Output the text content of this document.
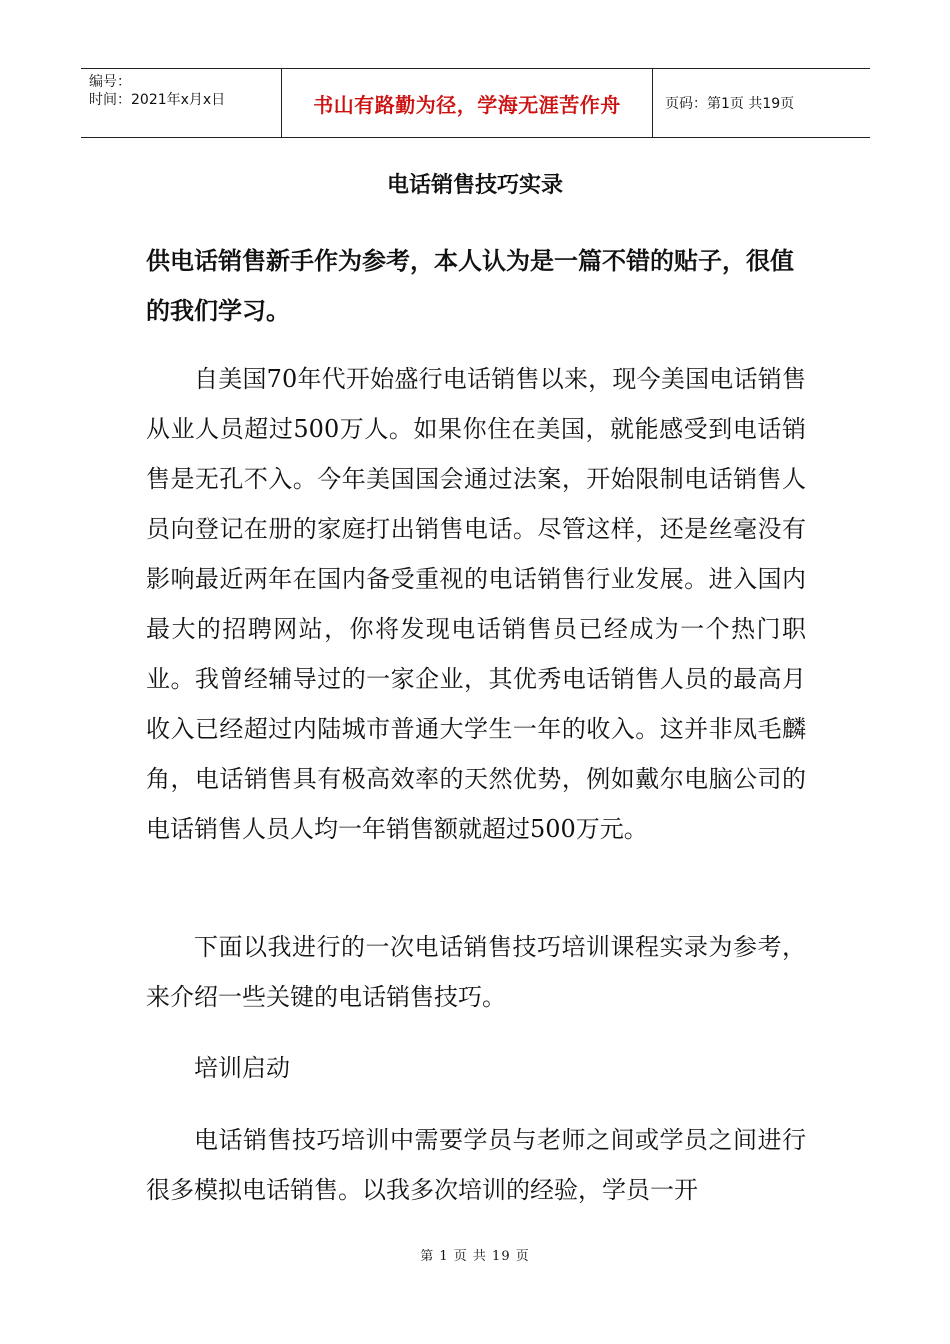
编号：
时间：2021年x月x日	书山有路勤为径，学海无涯苦作舟	页码：第1页 共19页
电话销售技巧实录

供电话销售新手作为参考，本人认为是一篇不错的贴子，很值的我们学习。

自美国70年代开始盛行电话销售以来，现今美国电话销售从业人员超过500万人。如果你住在美国，就能感受到电话销售是无孔不入。今年美国国会通过法案，开始限制电话销售人员向登记在册的家庭打出销售电话。尽管这样，还是丝毫没有影响最近两年在国内备受重视的电话销售行业发展。进入国内最大的招聘网站，你将发现电话销售员已经成为一个热门职业。我曾经辅导过的一家企业，其优秀电话销售人员的最高月收入已经超过内陆城市普通大学生一年的收入。这并非凤毛麟角，电话销售具有极高效率的天然优势，例如戴尔电脑公司的电话销售人员人均一年销售额就超过500万元。

下面以我进行的一次电话销售技巧培训课程实录为参考，来介绍一些关键的电话销售技巧。

培训启动

电话销售技巧培训中需要学员与老师之间或学员之间进行很多模拟电话销售。以我多次培训的经验，学员一开

第 1 页 共 19 页
